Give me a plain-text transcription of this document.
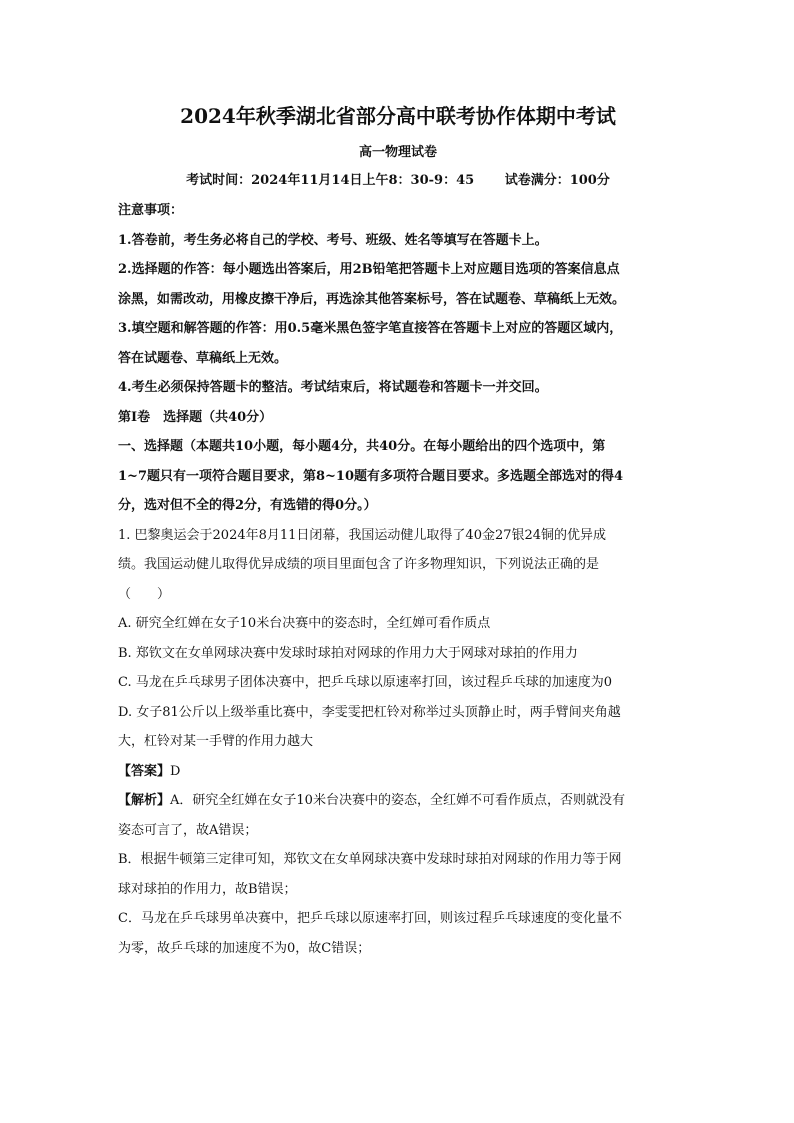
2024年秋季湖北省部分高中联考协作体期中考试
高一物理试卷
考试时间：2024年11月14日上午8：30-9：45　　 试卷满分：100分
注意事项：
1.答卷前，考生务必将自己的学校、考号、班级、姓名等填写在答题卡上。
2.选择题的作答：每小题选出答案后，用2B铅笔把答题卡上对应题目选项的答案信息点
涂黑，如需改动，用橡皮擦干净后，再选涂其他答案标号，答在试题卷、草稿纸上无效。
3.填空题和解答题的作答：用0.5毫米黑色签字笔直接答在答题卡上对应的答题区域内，
答在试题卷、草稿纸上无效。
4.考生必须保持答题卡的整洁。考试结束后，将试题卷和答题卡一并交回。
第Ⅰ卷　选择题（共40分）
一、选择题（本题共10小题，每小题4分，共40分。在每小题给出的四个选项中，第
1~7题只有一项符合题目要求，第8~10题有多项符合题目要求。多选题全部选对的得4
分，选对但不全的得2分，有选错的得0分。）
1. 巴黎奥运会于2024年8月11日闭幕，我国运动健儿取得了40金27银24铜的优异成
绩。我国运动健儿取得优异成绩的项目里面包含了许多物理知识，下列说法正确的是
（　　）
A. 研究全红婵在女子10米台决赛中的姿态时，全红婵可看作质点
B. 郑钦文在女单网球决赛中发球时球拍对网球的作用力大于网球对球拍的作用力
C. 马龙在乒乓球男子团体决赛中，把乒乓球以原速率打回，该过程乒乓球的加速度为0
D. 女子81公斤以上级举重比赛中，李雯雯把杠铃对称举过头顶静止时，两手臂间夹角越
大，杠铃对某一手臂的作用力越大
【答案】D
【解析】A．研究全红婵在女子10米台决赛中的姿态，全红婵不可看作质点，否则就没有
姿态可言了，故A错误；
B．根据牛顿第三定律可知，郑钦文在女单网球决赛中发球时球拍对网球的作用力等于网
球对球拍的作用力，故B错误；
C．马龙在乒乓球男单决赛中，把乒乓球以原速率打回，则该过程乒乓球速度的变化量不
为零，故乒乓球的加速度不为0，故C错误；
